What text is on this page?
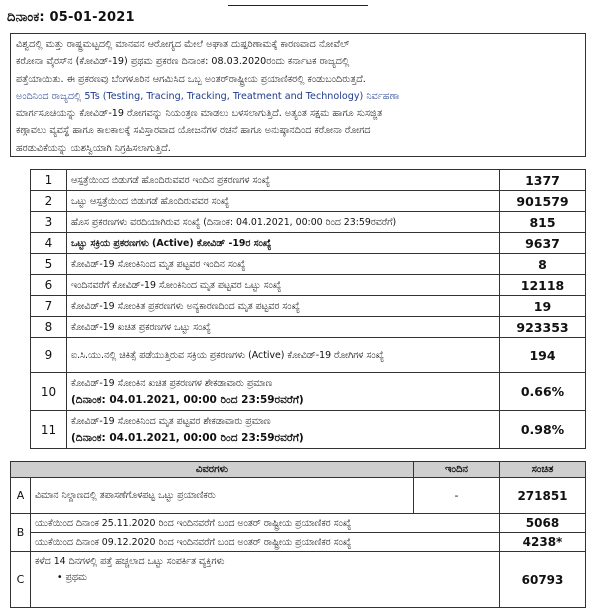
ದಿನಾಂಕ: 05-01-2021
ವಿಶ್ವದಲ್ಲಿ ಮತ್ತು ರಾಷ್ಟ್ರಮಟ್ಟದಲ್ಲಿ ಮಾನವನ ಆರೋಗ್ಯದ ಮೇಲೆ ಅಘಾತ ದುಷ್ಪರಿಣಾಮಕ್ಕೆ ಕಾರಣವಾದ ನೋವೆಲ್
ಕರೋನಾ ವೈರಸ್‌ನ (ಕೋವಿಡ್-19) ಪ್ರಥಮ ಪ್ರಕರಣ ದಿನಾಂಕ: 08.03.2020ರಂದು ಕರ್ನಾಟಕ ರಾಜ್ಯದಲ್ಲಿ
ಪತ್ತೆಯಾಯಿತು. ಈ ಪ್ರಕರಣವು ಬೆಂಗಳೂರಿನ ಆಗಮಿಸಿದ ಒಬ್ಬ ಅಂತರ್‌ರಾಷ್ಟ್ರೀಯ ಪ್ರಯಾಣಿಕರಲ್ಲಿ ಕಂಡುಬಂದಿರುತ್ತದೆ.
ಅಂದಿನಿಂದ ರಾಜ್ಯದಲ್ಲಿ 5Ts (Testing, Tracing, Tracking, Treatment and Technology) ನಿರ್ವಹಣಾ
ಮಾರ್ಗಸೂಚಿಯನ್ನು ಕೋವಿಡ್-19 ರೋಗವನ್ನು ನಿಯಂತ್ರಣ ಮಾಡಲು ಬಳಸಲಾಗುತ್ತಿದೆ. ಅತ್ಯಂತ ಸಕ್ಷಮ ಹಾಗೂ ಸುಸಜ್ಜಿತ
ಕಣ್ಗಾವಲು ವ್ಯವಸ್ಥೆ ಹಾಗೂ ಕಾಲಕಾಲಕ್ಕೆ ಸವಿಸ್ತಾರವಾದ ಯೋಜನೆಗಳ ರಚನೆ ಹಾಗೂ ಅನುಷ್ಠಾನದಿಂದ ಕರೋನಾ ರೋಗದ
ಹರಡುವಿಕೆಯನ್ನು ಯಶಸ್ವಿಯಾಗಿ ನಿಗ್ರಹಿಸಲಾಗುತ್ತಿದೆ.
1	ಆಸ್ಪತ್ರೆಯಿಂದ ಬಿಡುಗಡೆ ಹೊಂದಿರುವವರ ಇಂದಿನ ಪ್ರಕರಣಗಳ ಸಂಖ್ಯೆ	1377
2	ಒಟ್ಟು ಆಸ್ಪತ್ರೆಯಿಂದ ಬಿಡುಗಡೆ ಹೊಂದಿರುವವರ ಸಂಖ್ಯೆ	901579
3	ಹೊಸ ಪ್ರಕರಣಗಳು ವರದಿಯಾಗಿರುವ ಸಂಖ್ಯೆ (ದಿನಾಂಕ: 04.01.2021, 00:00 ರಿಂದ 23:59ರವರೆಗೆ)	815
4	ಒಟ್ಟು ಸಕ್ರಿಯ ಪ್ರಕರಣಗಳು (Active) ಕೋವಿಡ್ -19ರ ಸಂಖ್ಯೆ	9637
5	ಕೋವಿಡ್-19 ಸೋಂಕಿನಿಂದ ಮೃತ ಪಟ್ಟವರ ಇಂದಿನ ಸಂಖ್ಯೆ	8
6	ಇಂದಿನವರೆಗೆ ಕೋವಿಡ್-19 ಸೋಂಕಿನಿಂದ ಮೃತ ಪಟ್ಟವರ ಒಟ್ಟು ಸಂಖ್ಯೆ	12118
7	ಕೋವಿಡ್-19 ಸೋಂಕಿತ ಪ್ರಕರಣಗಳು ಅನ್ಯಕಾರಣದಿಂದ ಮೃತ ಪಟ್ಟವರ ಸಂಖ್ಯೆ	19
8	ಕೋವಿಡ್-19 ಖಚಿತ ಪ್ರಕರಣಗಳ ಒಟ್ಟು ಸಂಖ್ಯೆ	923353
9	ಐ.ಸಿ.ಯು.ನಲ್ಲಿ ಚಿಕಿತ್ಸೆ ಪಡೆಯುತ್ತಿರುವ ಸಕ್ರಿಯ ಪ್ರಕರಣಗಳು (Active) ಕೋವಿಡ್-19 ರೋಗಿಗಳ ಸಂಖ್ಯೆ	194
10	ಕೋವಿಡ್-19 ಸೋಂಕಿನ ಖಚಿತ ಪ್ರಕರಣಗಳ ಶೇಕಡಾವಾರು ಪ್ರಮಾಣ
(ದಿನಾಂಕ: 04.01.2021, 00:00 ರಿಂದ 23:59ರವರೆಗೆ)	0.66%
11	ಕೋವಿಡ್-19 ಸೋಂಕಿನಿಂದ ಮೃತ ಪಟ್ಟವರ ಶೇಕಡಾವಾರು ಪ್ರಮಾಣ
(ದಿನಾಂಕ: 04.01.2021, 00:00 ರಿಂದ 23:59ರವರೆಗೆ)	0.98%
ವಿವರಗಳು		ಇಂದಿನ	ಸಂಚಿತ
A	ವಿಮಾನ ನಿಲ್ದಾಣದಲ್ಲಿ ತಪಾಸಣೆಗೊಳಪಟ್ಟ ಒಟ್ಟು ಪ್ರಯಾಣಿಕರು	-	271851
B	ಯುಕೆಯಿಂದ ದಿನಾಂಕ 25.11.2020 ರಿಂದ ಇಂದಿನವರೆಗೆ ಬಂದ ಅಂತರ್ ರಾಷ್ಟ್ರೀಯ ಪ್ರಯಾಣಿಕರ ಸಂಖ್ಯೆ		5068
	ಯುಕೆಯಿಂದ ದಿನಾಂಕ 09.12.2020 ರಿಂದ ಇಂದಿನವರೆಗೆ ಬಂದ ಅಂತರ್ ರಾಷ್ಟ್ರೀಯ ಪ್ರಯಾಣಿಕರ ಸಂಖ್ಯೆ		4238*
C	ಕಳೆದ 14 ದಿನಗಳಲ್ಲಿ ಪತ್ತೆ ಹಚ್ಚಲಾದ ಒಟ್ಟು ಸಂಪರ್ಕಿತ ವ್ಯಕ್ತಿಗಳು
• ಪ್ರಥಮ		60793
